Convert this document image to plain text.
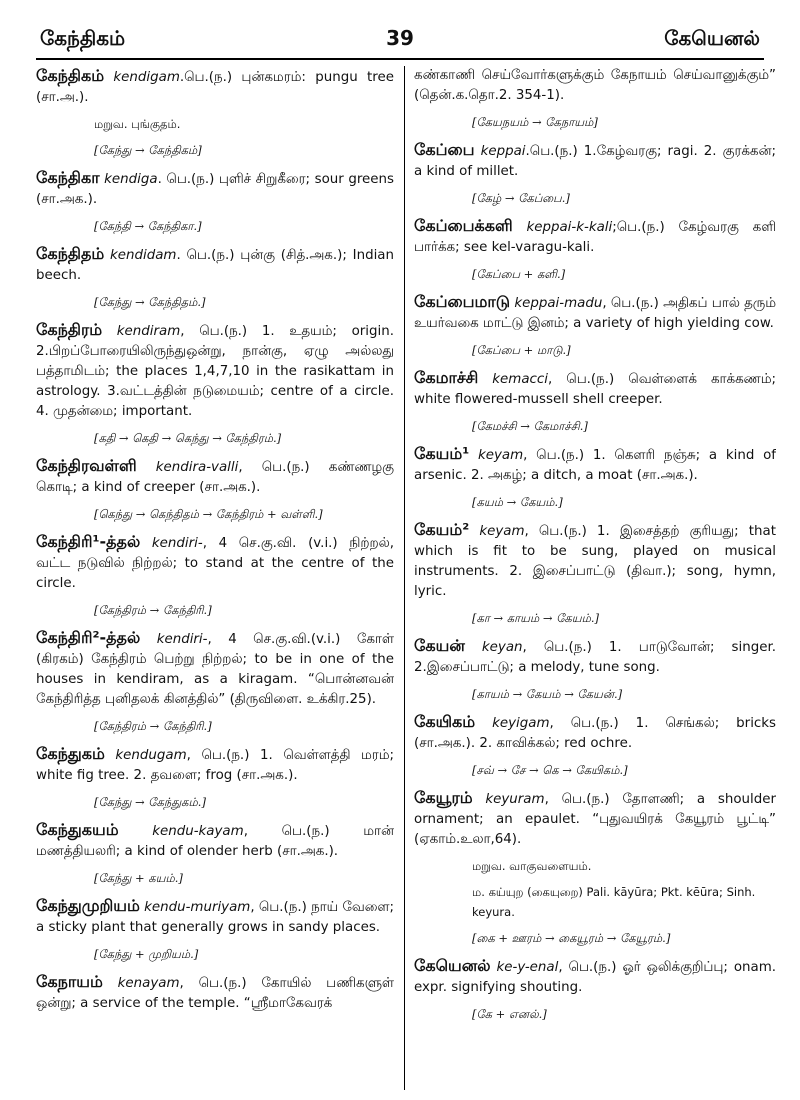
கேந்திகம்	39	கேயெனல்

கேந்திகம் kendigam.பெ.(ந.) புன்கமரம்: pungu tree (சா.அ.).

மறுவ. புங்குதம்.
[கேந்து → கேந்திகம்]

கேந்திகா kendiga. பெ.(ந.) புளிச் சிறுகீரை; sour greens (சா.அக.).

[கேந்தி → கேந்திகா.]

கேந்திதம் kendidam. பெ.(ந.) புன்கு (சித்.அக.); Indian beech.

[கேந்து → கேந்திதம்.]

கேந்திரம் kendiram, பெ.(ந.) 1. உதயம்; origin. 2.பிறப்போரையிலிருந்துஒன்று, நான்கு, ஏழு அல்லது பத்தாமிடம்; the places 1,4,7,10 in the rasikattam in astrology. 3.வட்டத்தின் நடுமையம்; centre of a circle. 4. முதன்மை; important.

[கதி → கெதி → கெந்து → கேந்திரம்.]

கேந்திரவள்ளி kendira-valli, பெ.(ந.) கண்ணழகு கொடி; a kind of creeper (சா.அக.).

[கெந்து → கெந்திதம் → கேந்திரம் + வள்ளி.]

கேந்திரி¹-த்தல் kendiri-, 4 செ.கு.வி. (v.i.) நிற்றல், வட்ட நடுவில் நிற்றல்; to stand at the centre of the circle.

[கேந்திரம் → கேந்திரி.]

கேந்திரி²-த்தல் kendiri-, 4 செ.கு.வி.(v.i.) கோள் (கிரகம்) கேந்திரம் பெற்று நிற்றல்; to be in one of the houses in kendiram, as a kiragam. “பொன்னவன் கேந்திரித்த புனிதலக் கினத்தில்” (திருவிளை. உக்கிர.25).

[கேந்திரம் → கேந்திரி.]

கேந்துகம் kendugam, பெ.(ந.) 1. வெள்ளத்தி மரம்; white fig tree. 2. தவளை; frog (சா.அக.).

[கேந்து → கேந்துகம்.]

கேந்துகயம்	kendu-kayam, பெ.(ந.) மான் மணத்தியலரி; a kind of olender herb (சா.அக.).

[கேந்து + கயம்.]

கேந்துமுறியம் kendu-muriyam, பெ.(ந.) நாய் வேளை; a sticky plant that generally grows in sandy places.

[கேந்து + முறியம்.]

கேநாயம் kenayam, பெ.(ந.) கோயில் பணிகளுள் ஒன்று; a service of the temple. “ஸ்ரீமாகேவரக்

கண்காணி செய்வோர்களுக்கும் கேநாயம் செய்வானுக்கும்” (தென்.க.தொ.2. 354-1).

[கேயநயம் → கேநாயம்]

கேப்பை keppai.பெ.(ந.) 1.கேழ்வரகு; ragi. 2. குரக்கன்; a kind of millet.

[கேழ் → கேப்பை.]

கேப்பைக்களி keppai-k-kali;பெ.(ந.) கேழ்வரகு களி பார்க்க; see kel-varagu-kali.

[கேப்பை + களி.]

கேப்பைமாடு keppai-madu, பெ.(ந.) அதிகப் பால் தரும் உயர்வகை மாட்டு இனம்; a variety of high yielding cow.

[கேப்பை + மாடு.]

கேமாச்சி kemacci, பெ.(ந.) வெள்ளைக் காக்கணம்; white flowered-mussell shell creeper.

[கேமச்சி → கேமாச்சி.]

கேயம்¹ keyam, பெ.(ந.) 1. கௌரி நஞ்சு; a kind of arsenic. 2. அகழ்; a ditch, a moat (சா.அக.).

[கயம் → கேயம்.]

கேயம்² keyam, பெ.(ந.) 1. இசைத்தற் குரியது; that which is fit to be sung, played on musical instruments. 2. இசைப்பாட்டு (திவா.); song, hymn, lyric.

[கா → காயம் → கேயம்.]

கேயன் keyan, பெ.(ந.) 1. பாடுவோன்; singer. 2.இசைப்பாட்டு; a melody, tune song.

[காயம் → கேயம் → கேயன்.]

கேயிகம் keyigam, பெ.(ந.) 1. செங்கல்; bricks (சா.அக.). 2. காவிக்கல்; red ochre.

[சவ் → சே → கெ → கேயிகம்.]

கேயூரம் keyuram, பெ.(ந.) தோளணி; a shoulder ornament; an epaulet. “புதுவயிரக் கேயூரம் பூட்டி” (ஏகாம்.உலா,64).

மறுவ. வாகுவளையம்.
ம. கய்யுற (கையுறை) Pali. kāyūra; Pkt. kēūra; Sinh. keyura.
[கை + ஊரம் → கையூரம் → கேயூரம்.]

கேயெனல் ke-y-enal, பெ.(ந.) ஓர் ஒலிக்குறிப்பு; onam. expr. signifying shouting.

[கே + எனல்.]
